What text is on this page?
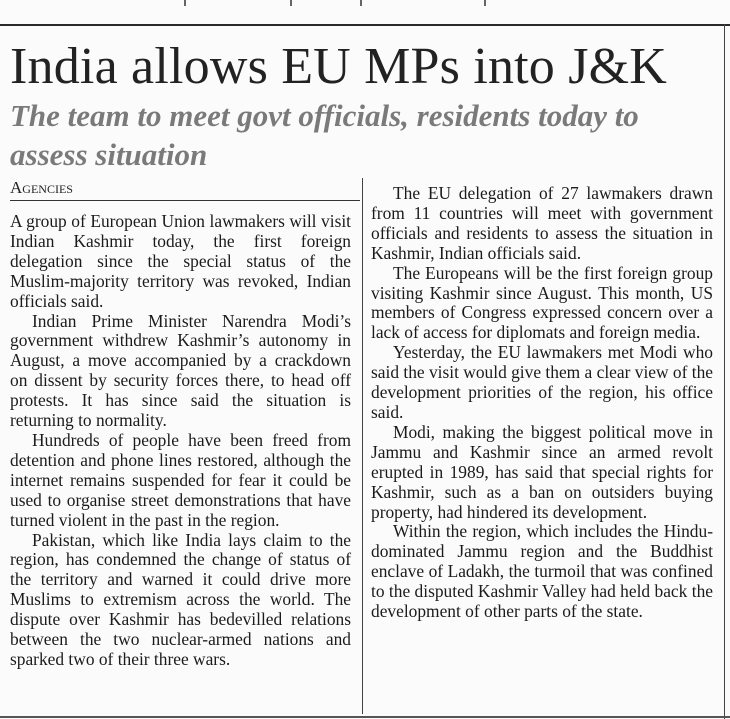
India allows EU MPs into J&K
The team to meet govt officials, residents today to assess situation
Agencies

A group of European Union lawmakers will visit Indian Kashmir today, the first foreign delegation since the special status of the Muslim-majority territory was revoked, Indian officials said.

Indian Prime Minister Narendra Modi’s government withdrew Kashmir’s autonomy in August, a move accompanied by a crackdown on dissent by security forces there, to head off protests. It has since said the situation is returning to normality.

Hundreds of people have been freed from detention and phone lines restored, although the internet remains suspended for fear it could be used to organise street demonstrations that have turned violent in the past in the region.

Pakistan, which like India lays claim to the region, has condemned the change of status of the territory and warned it could drive more Muslims to extremism across the world. The dispute over Kashmir has bedevilled relations between the two nuclear-armed nations and sparked two of their three wars.

The EU delegation of 27 lawmakers drawn from 11 countries will meet with government officials and residents to assess the situation in Kashmir, Indian officials said.

The Europeans will be the first foreign group visiting Kashmir since August. This month, US members of Congress expressed concern over a lack of access for diplomats and foreign media.

Yesterday, the EU lawmakers met Modi who said the visit would give them a clear view of the development priorities of the region, his office said.

Modi, making the biggest political move in Jammu and Kashmir since an armed revolt erupted in 1989, has said that special rights for Kashmir, such as a ban on outsiders buying property, had hindered its development.

Within the region, which includes the Hindu-dominated Jammu region and the Buddhist enclave of Ladakh, the turmoil that was confined to the disputed Kashmir Valley had held back the development of other parts of the state.
